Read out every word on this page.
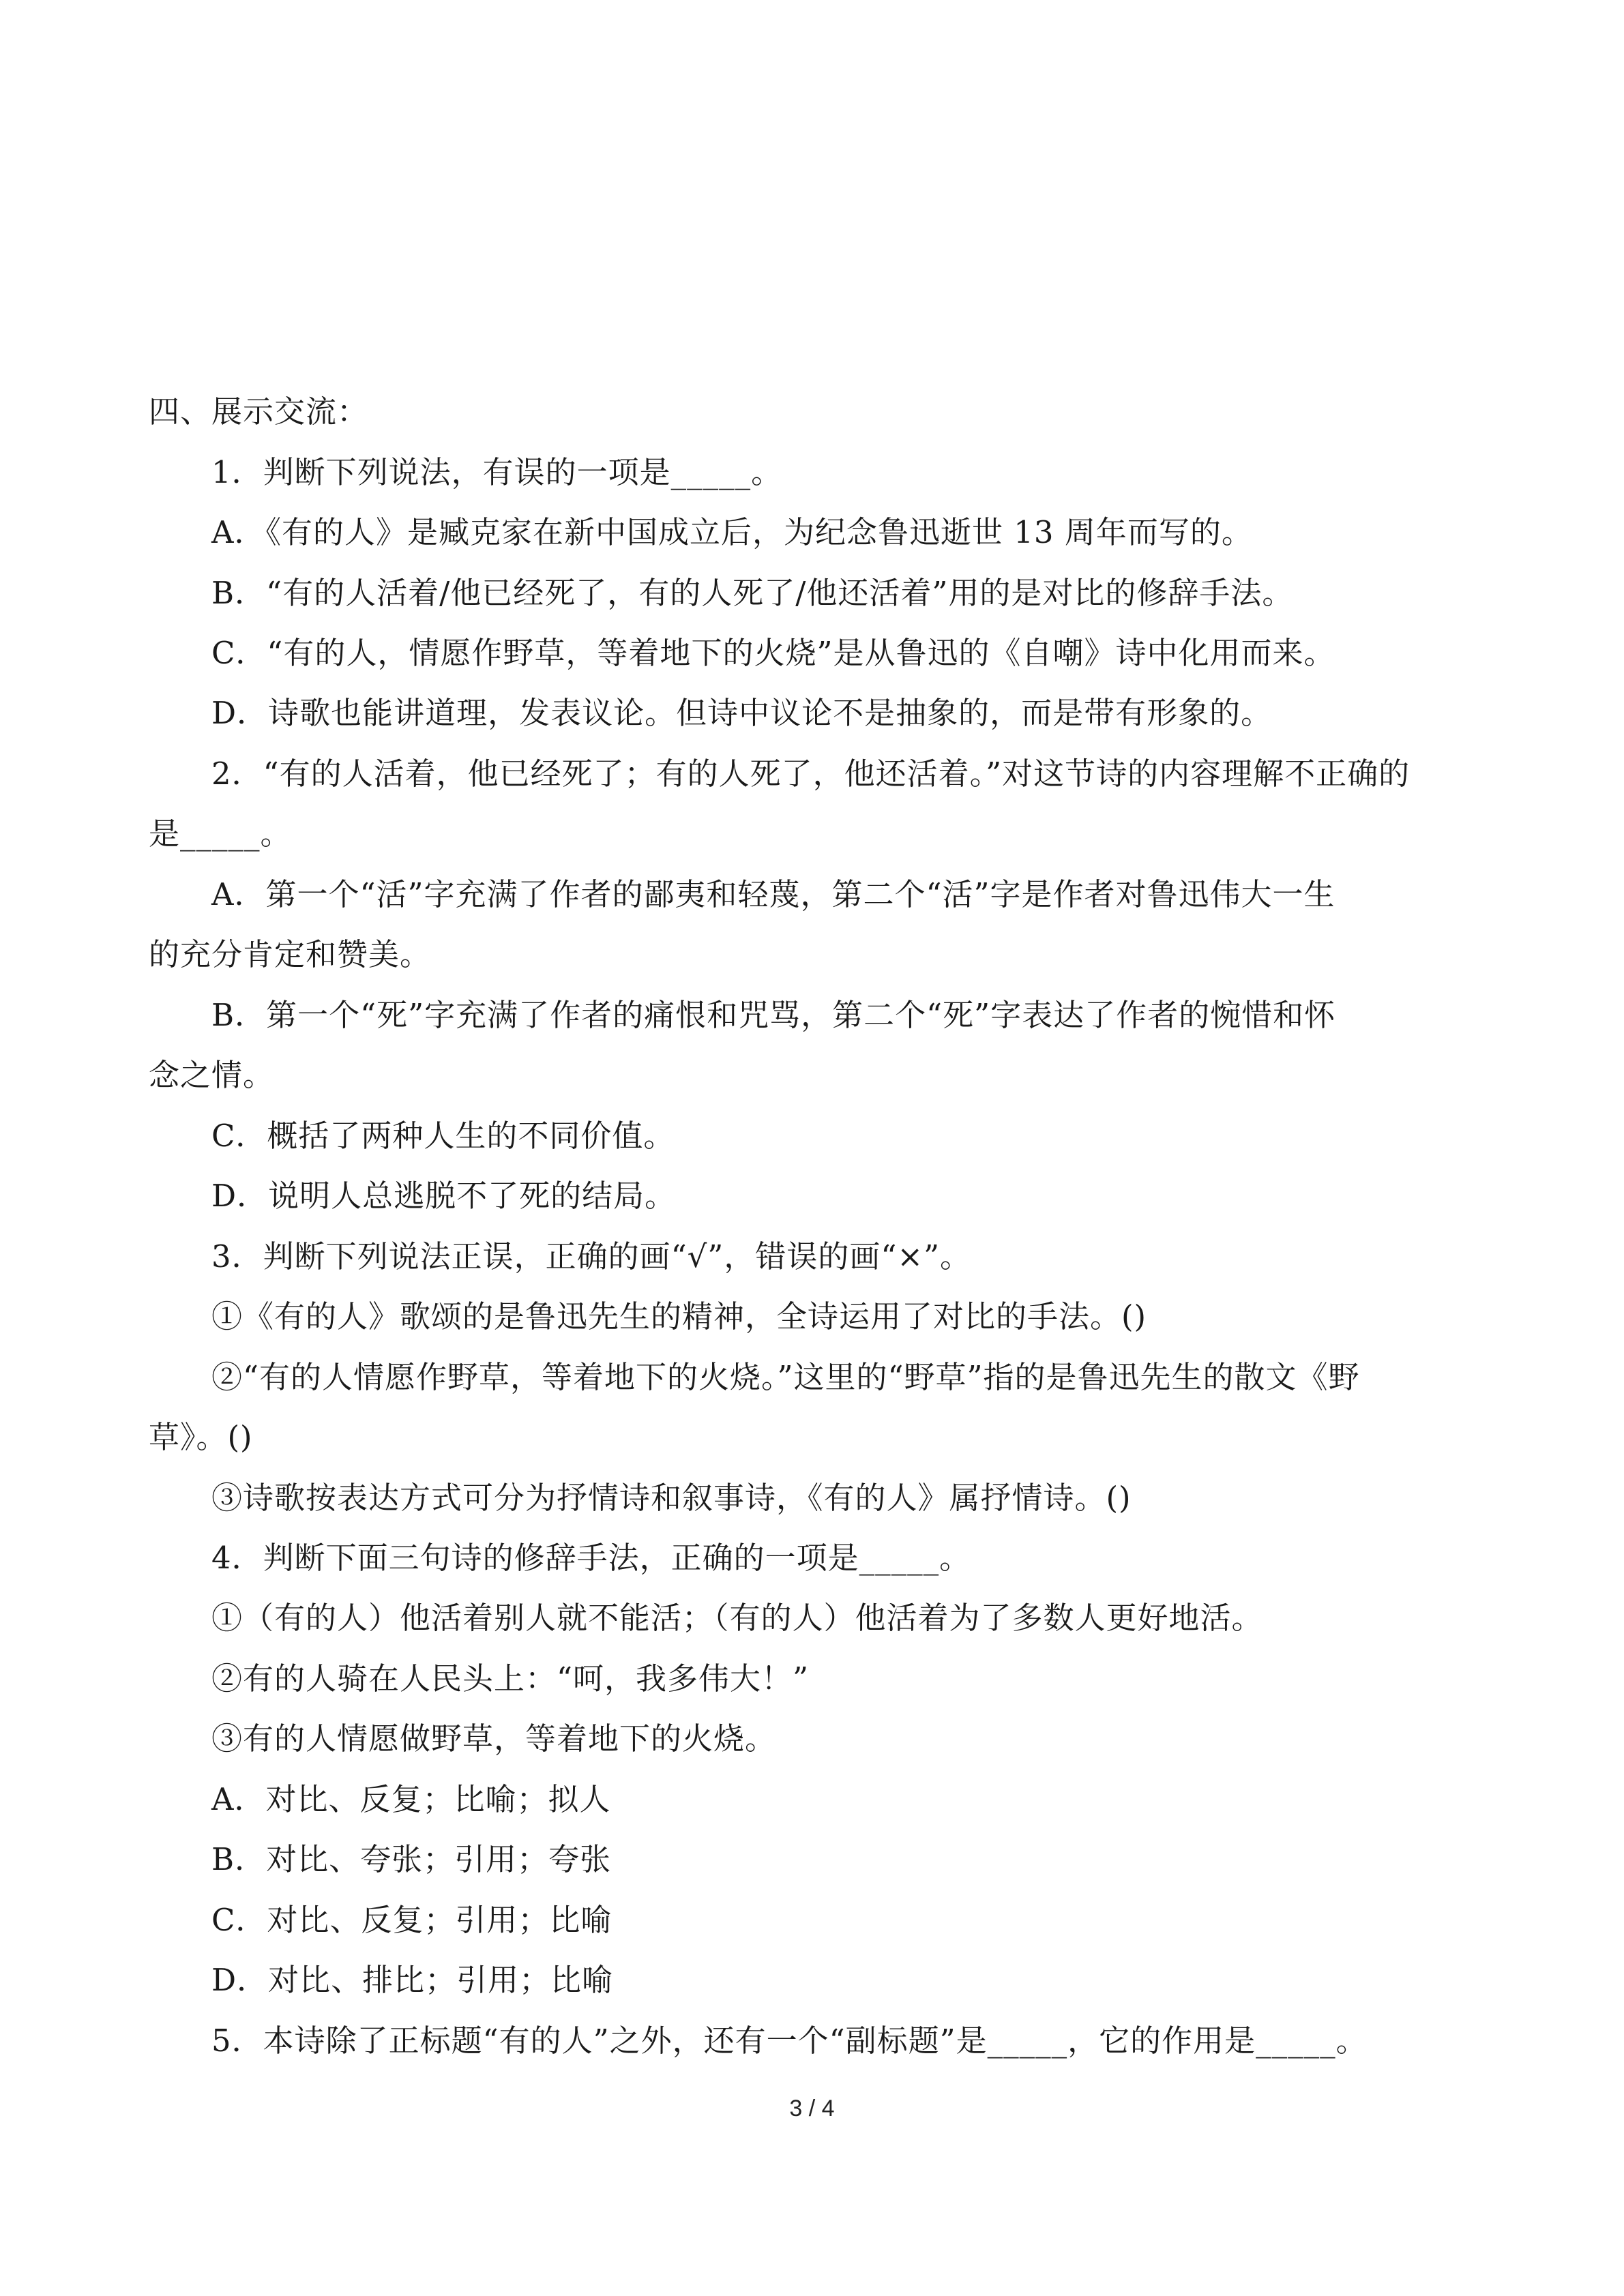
四、展示交流：
1．判断下列说法，有误的一项是_____。
A．《有的人》是臧克家在新中国成立后，为纪念鲁迅逝世 13 周年而写的。
B．“有的人活着/他已经死了，有的人死了/他还活着”用的是对比的修辞手法。
C．“有的人，情愿作野草，等着地下的火烧”是从鲁迅的《自嘲》诗中化用而来。
D．诗歌也能讲道理，发表议论。但诗中议论不是抽象的，而是带有形象的。
2．“有的人活着，他已经死了；有的人死了，他还活着。”对这节诗的内容理解不正确的
是_____。
A．第一个“活”字充满了作者的鄙夷和轻蔑，第二个“活”字是作者对鲁迅伟大一生
的充分肯定和赞美。
B．第一个“死”字充满了作者的痛恨和咒骂，第二个“死”字表达了作者的惋惜和怀
念之情。
C．概括了两种人生的不同价值。
D．说明人总逃脱不了死的结局。
3．判断下列说法正误，正确的画“√”，错误的画“×”。
①《有的人》歌颂的是鲁迅先生的精神，全诗运用了对比的手法。()
②“有的人情愿作野草，等着地下的火烧。”这里的“野草”指的是鲁迅先生的散文《野
草》。()
③诗歌按表达方式可分为抒情诗和叙事诗，《有的人》属抒情诗。()
4．判断下面三句诗的修辞手法，正确的一项是_____。
①（有的人）他活着别人就不能活；（有的人）他活着为了多数人更好地活。
②有的人骑在人民头上：“呵，我多伟大！”
③有的人情愿做野草，等着地下的火烧。
A．对比、反复；比喻；拟人
B．对比、夸张；引用；夸张
C．对比、反复；引用；比喻
D．对比、排比；引用；比喻
5．本诗除了正标题“有的人”之外，还有一个“副标题”是_____，它的作用是_____。
3 / 4
